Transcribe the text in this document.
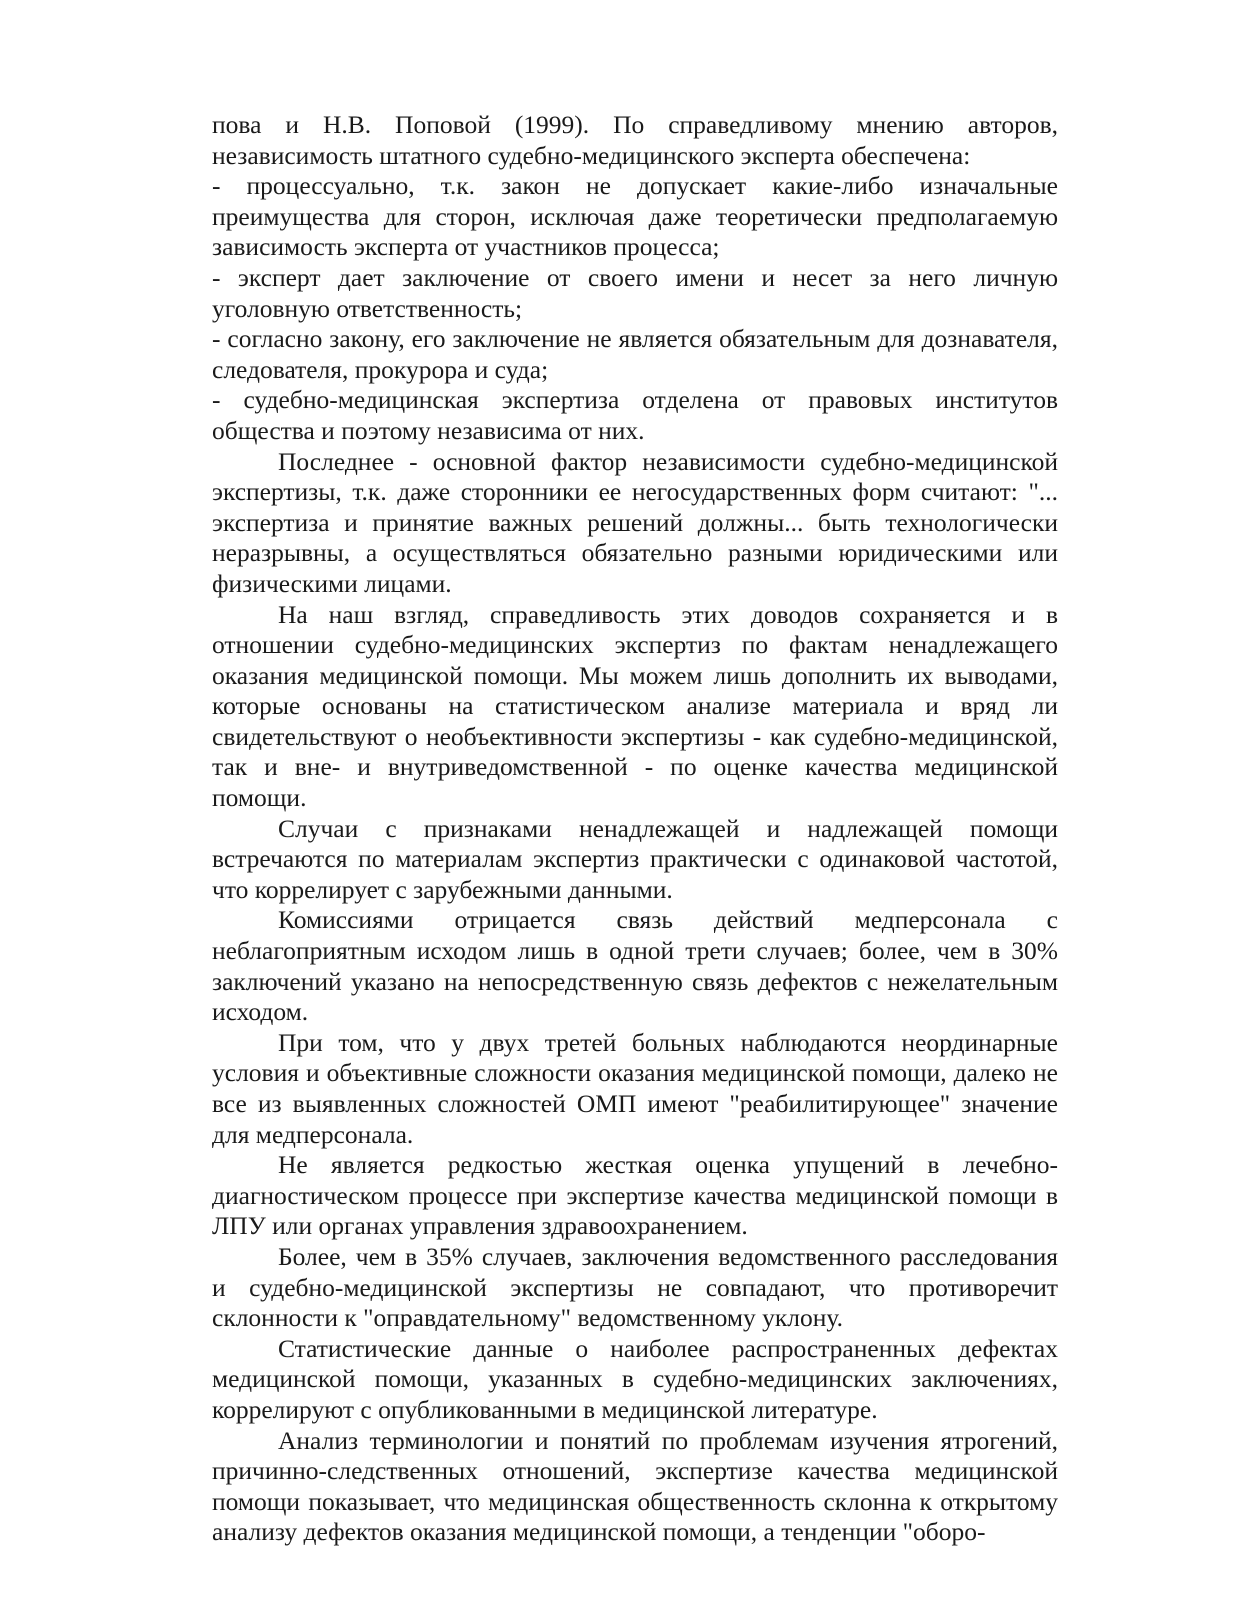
пова и Н.В. Поповой (1999). По справедливому мнению авторов, независимость штатного судебно-медицинского эксперта обеспечена:

- процессуально, т.к. закон не допускает какие-либо изначальные преимущества для сторон, исключая даже теоретически предполагаемую зависимость эксперта от участников процесса;

- эксперт дает заключение от своего имени и несет за него личную уголовную ответственность;

- согласно закону, его заключение не является обязательным для дознавателя, следователя, прокурора и суда;

- судебно-медицинская экспертиза отделена от правовых институтов общества и поэтому независима от них.

Последнее - основной фактор независимости судебно-медицинской экспертизы, т.к. даже сторонники ее негосударственных форм считают: "... экспертиза и принятие важных решений должны... быть технологически неразрывны, а осуществляться обязательно разными юридическими или физическими лицами.

На наш взгляд, справедливость этих доводов сохраняется и в отношении судебно-медицинских экспертиз по фактам ненадлежащего оказания медицинской помощи. Мы можем лишь дополнить их выводами, которые основаны на статистическом анализе материала и вряд ли свидетельствуют о необъективности экспертизы - как судебно-медицинской, так и вне- и внутриведомственной - по оценке качества медицинской помощи.

Случаи с признаками ненадлежащей и надлежащей помощи встречаются по материалам экспертиз практически с одинаковой частотой, что коррелирует с зарубежными данными.

Комиссиями отрицается связь действий медперсонала с неблагоприятным исходом лишь в одной трети случаев; более, чем в 30% заключений указано на непосредственную связь дефектов с нежелательным исходом.

При том, что у двух третей больных наблюдаются неординарные условия и объективные сложности оказания медицинской помощи, далеко не все из выявленных сложностей ОМП имеют "реабилитирующее" значение для медперсонала.

Не является редкостью жесткая оценка упущений в лечебно-диагностическом процессе при экспертизе качества медицинской помощи в ЛПУ или органах управления здравоохранением.

Более, чем в 35% случаев, заключения ведомственного расследования и судебно-медицинской экспертизы не совпадают, что противоречит склонности к "оправдательному" ведомственному уклону.

Статистические данные о наиболее распространенных дефектах медицинской помощи, указанных в судебно-медицинских заключениях, коррелируют с опубликованными в медицинской литературе.

Анализ терминологии и понятий по проблемам изучения ятрогений, причинно-следственных отношений, экспертизе качества медицинской помощи показывает, что медицинская общественность склонна к открытому анализу дефектов оказания медицинской помощи, а тенденции "оборо-
